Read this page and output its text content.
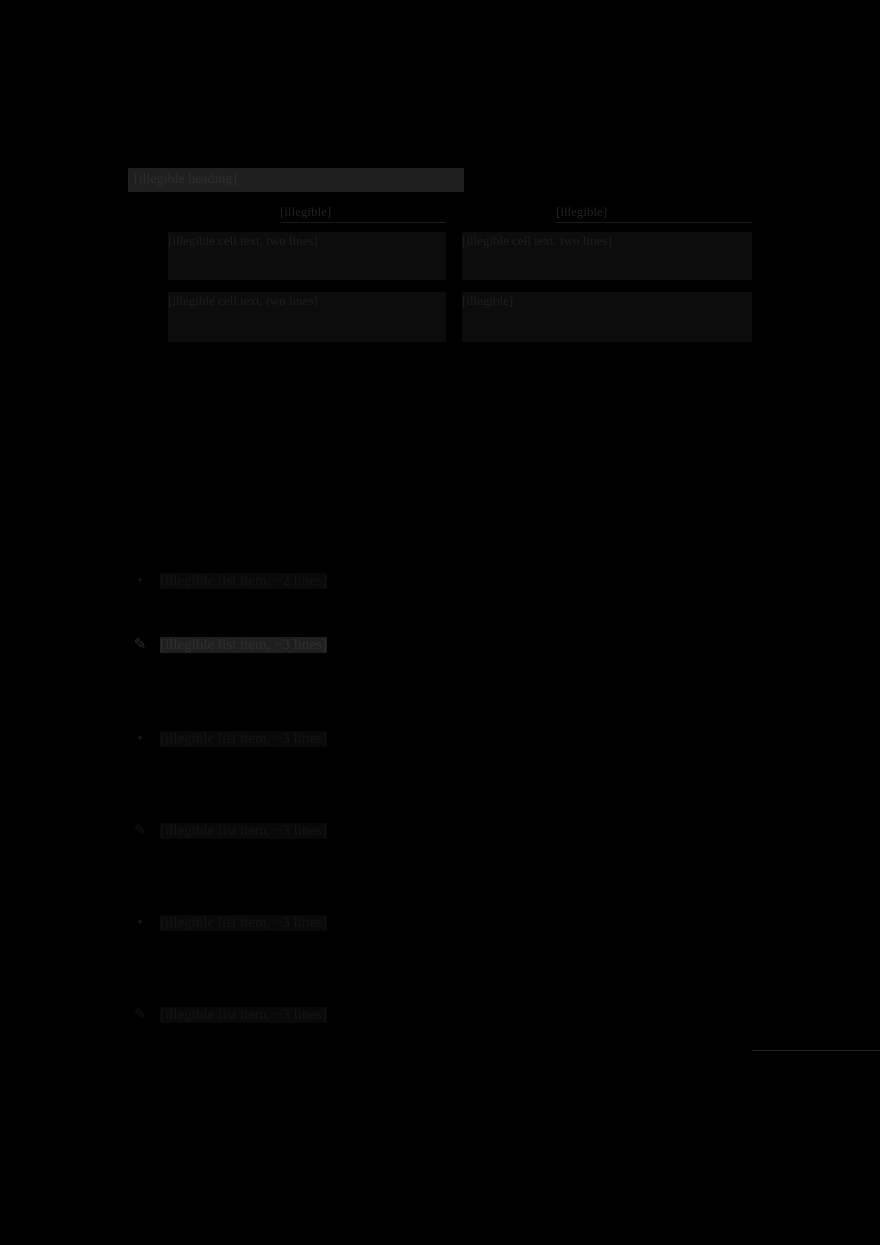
[illegible heading]
[illegible]	[illegible]
[illegible cell text, two lines]	[illegible cell text, two lines]
[illegible cell text, two lines]	[illegible]
•	[illegible list item, ~2 lines]
✎ [illegible list item, ~3 lines]
•	[illegible list item, ~3 lines]
✎ [illegible list item, ~3 lines]
•	[illegible list item, ~3 lines]
✎ [illegible list item, ~3 lines]
